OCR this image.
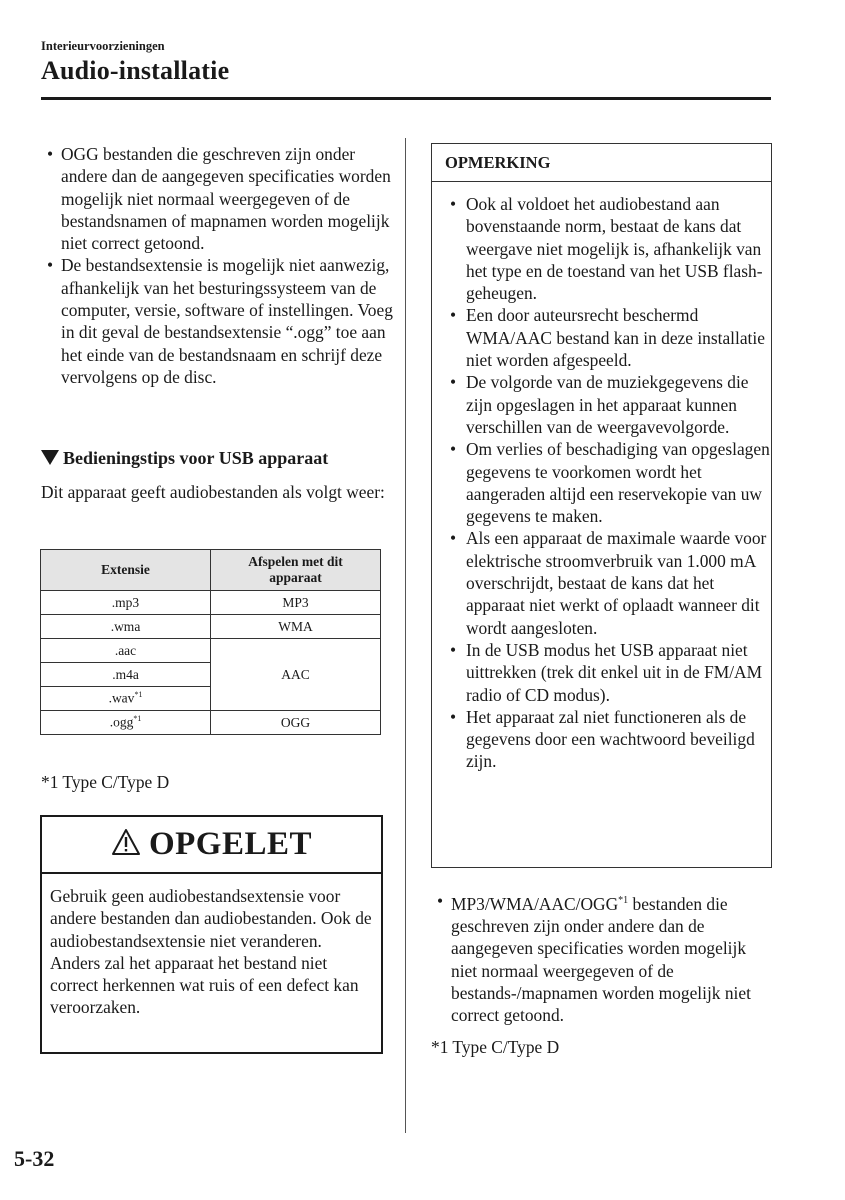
Interieurvoorzieningen
Audio-installatie
• OGG bestanden die geschreven zijn onder andere dan de aangegeven specificaties worden mogelijk niet normaal weergegeven of de bestandsnamen of mapnamen worden mogelijk niet correct getoond.
• De bestandsextensie is mogelijk niet aanwezig, afhankelijk van het besturingssysteem van de computer, versie, software of instellingen. Voeg in dit geval de bestandsextensie “.ogg” toe aan het einde van de bestandsnaam en schrijf deze vervolgens op de disc.
Bedieningstips voor USB apparaat
Dit apparaat geeft audiobestanden als volgt weer:
Extensie	Afspelen met dit apparaat

.mp3	MP3
.wma	WMA
.aac	AAC
.m4a	
.wav$^{*1}$
.ogg$^{*1}$	OGG
*1 Type C/Type D
OPGELET
Gebruik geen audiobestandsextensie voor andere bestanden dan audiobestanden. Ook de audiobestandsextensie niet veranderen. Anders zal het apparaat het bestand niet correct herkennen wat ruis of een defect kan veroorzaken.
OPMERKING
• Ook al voldoet het audiobestand aan bovenstaande norm, bestaat de kans dat weergave niet mogelijk is, afhankelijk van het type en de toestand van het USB flash-geheugen.
• Een door auteursrecht beschermd WMA/AAC bestand kan in deze installatie niet worden afgespeeld.
• De volgorde van de muziekgegevens die zijn opgeslagen in het apparaat kunnen verschillen van de weergavevolgorde.
• Om verlies of beschadiging van opgeslagen gegevens te voorkomen wordt het aangeraden altijd een reservekopie van uw gegevens te maken.
• Als een apparaat de maximale waarde voor elektrische stroomverbruik van 1.000 mA overschrijdt, bestaat de kans dat het apparaat niet werkt of oplaadt wanneer dit wordt aangesloten.
• In de USB modus het USB apparaat niet uittrekken (trek dit enkel uit in de FM/AM radio of CD modus).
• Het apparaat zal niet functioneren als de gegevens door een wachtwoord beveiligd zijn.
• MP3/WMA/AAC/OGG$^{*1}$ bestanden die geschreven zijn onder andere dan de aangegeven specificaties worden mogelijk niet normaal weergegeven of de bestands-/mapnamen worden mogelijk niet correct getoond.
*1 Type C/Type D
5-32
